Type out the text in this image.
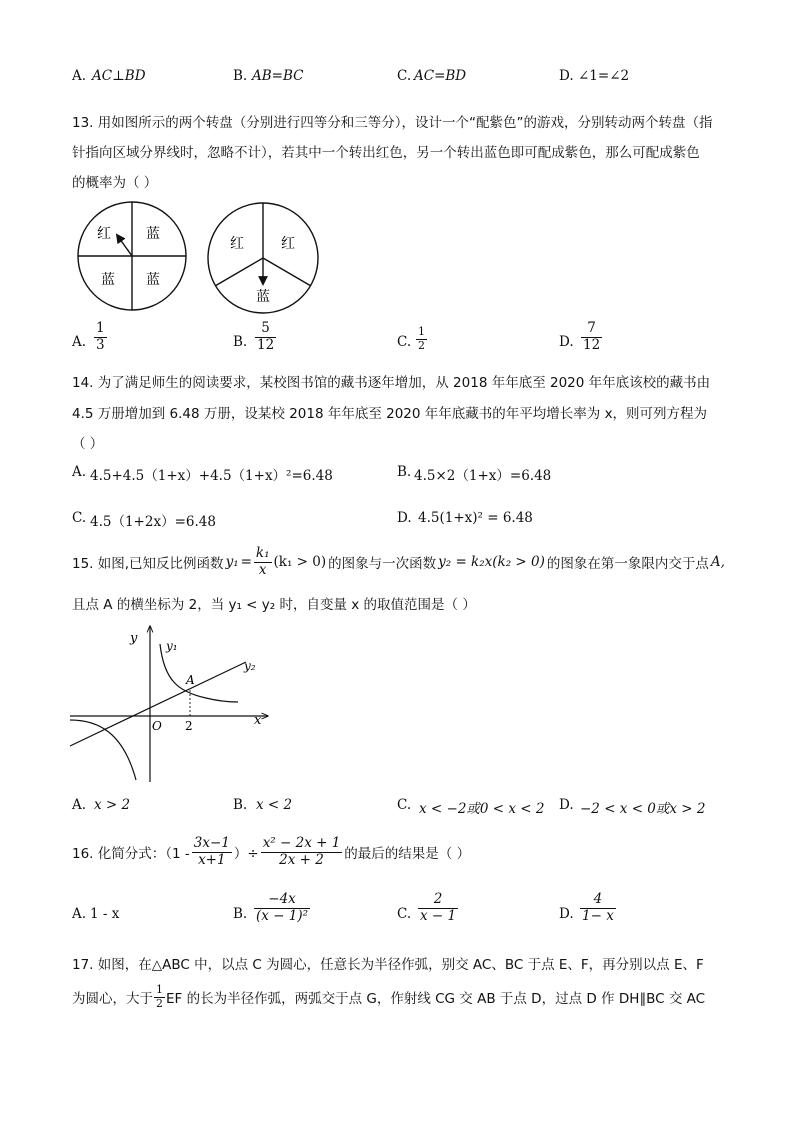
A. AC⊥BD	B. AB=BC	C. AC=BD	D. ∠1=∠2
13. 用如图所示的两个转盘（分别进行四等分和三等分），设计一个“配紫色”的游戏，分别转动两个转盘（指
针指向区域分界线时，忽略不计），若其中一个转出红色，另一个转出蓝色即可配成紫色，那么可配成紫色
的概率为（ ）
红	蓝
蓝 蓝
红	红
蓝
A. $\frac{1}{3}$	B. $\frac{5}{12}$	C. $\frac{1}{2}$	D. $\frac{7}{12}$
14. 为了满足师生的阅读要求，某校图书馆的藏书逐年增加，从 2018 年年底至 2020 年年底该校的藏书由
4.5 万册增加到 6.48 万册，设某校 2018 年年底至 2020 年年底藏书的年平均增长率为 x，则可列方程为
（ ）
A. 4.5+4.5（1+x）+4.5（1+x）²=6.48	B. 4.5×2（1+x）=6.48
C. 4.5（1+2x）=6.48	D. 4.5(1+x)² = 6.48
15. 如图,已知反比例函数 $y_1 = \frac{\text{k₁}}{x} (k_1 > 0)$ 的图象与一次函数 y₂ = k₂x(k₂ > 0) 的图象在第一象限内交于点 A,
且点 A 的横坐标为 2，当 y₁ < y₂ 时，自变量 x 的取值范围是（ ）
y
x
y₁
y₂
A
O 2
A. x > 2	B. x < 2	C. x < −2或0 < x < 2 D. −2 < x < 0或x > 2
16. 化简分式：（$1 - \frac{3x-1}{x+1}$ ）÷ $\frac{\text{x² − 2x + 1}}{2x + 2}$ 的最后的结果是（ ）
A. 1 - x	B. $\frac{-4x}{\text{(x − 1)²}}$	C. $\frac{2}{x - 1}$	D. $\frac{4}{1- x}$
17. 如图，在△ABC 中，以点 C 为圆心，任意长为半径作弧，别交 AC、BC 于点 E、F，再分别以点 E、F
为圆心，大于 $\frac{1}{2}$ EF 的长为半径作弧，两弧交于点 G，作射线 CG 交 AB 于点 D，过点 D 作 DH∥BC 交 AC
